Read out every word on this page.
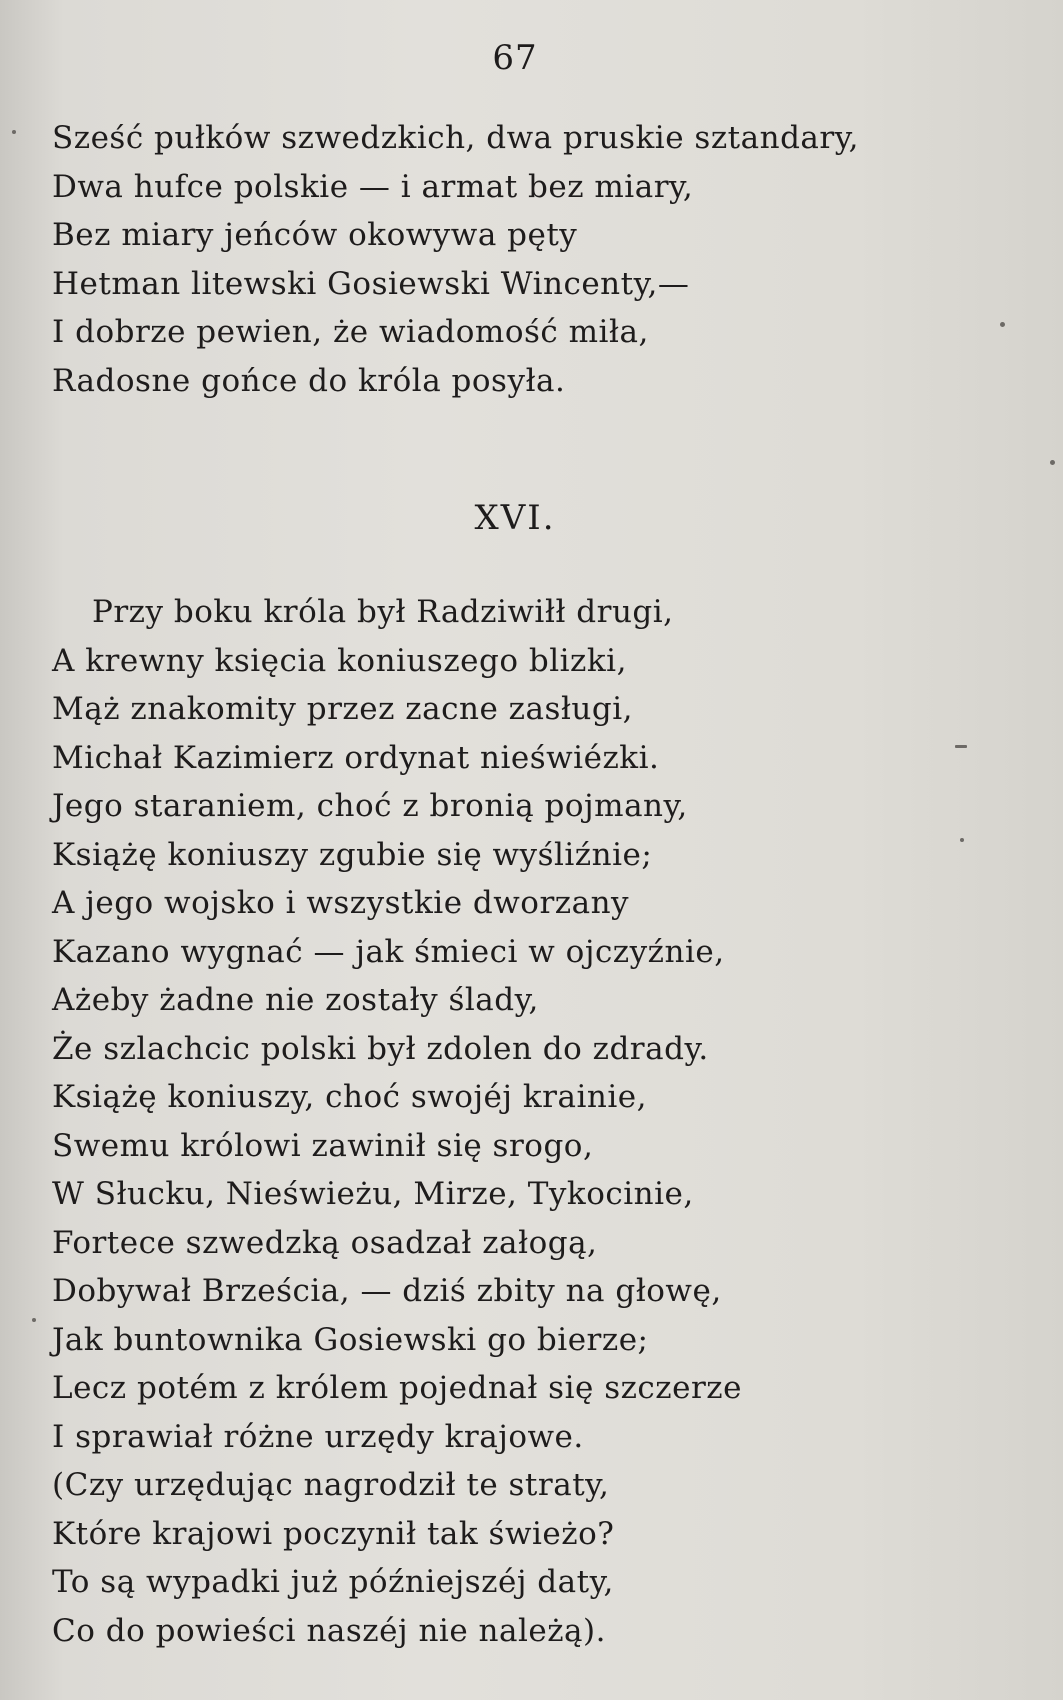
67
Sześć pułków szwedzkich, dwa pruskie sztandary,
Dwa hufce polskie — i armat bez miary,
Bez miary jeńców okowywa pęty
Hetman litewski Gosiewski Wincenty,—
I dobrze pewien, że wiadomość miła,
Radosne gońce do króla posyła.
XVI.
Przy boku króla był Radziwiłł drugi,
A krewny księcia koniuszego blizki,
Mąż znakomity przez zacne zasługi,
Michał Kazimierz ordynat nieświézki.
Jego staraniem, choć z bronią pojmany,
Książę koniuszy zgubie się wyśliźnie;
A jego wojsko i wszystkie dworzany
Kazano wygnać — jak śmieci w ojczyźnie,
Ażeby żadne nie zostały ślady,
Że szlachcic polski był zdolen do zdrady.
Książę koniuszy, choć swojéj krainie,
Swemu królowi zawinił się srogo,
W Słucku, Nieświeżu, Mirze, Tykocinie,
Fortece szwedzką osadzał załogą,
Dobywał Brześcia, — dziś zbity na głowę,
Jak buntownika Gosiewski go bierze;
Lecz potém z królem pojednał się szczerze
I sprawiał różne urzędy krajowe.
(Czy urzędując nagrodził te straty,
Które krajowi poczynił tak świeżo?
To są wypadki już późniejszéj daty,
Co do powieści naszéj nie należą).
